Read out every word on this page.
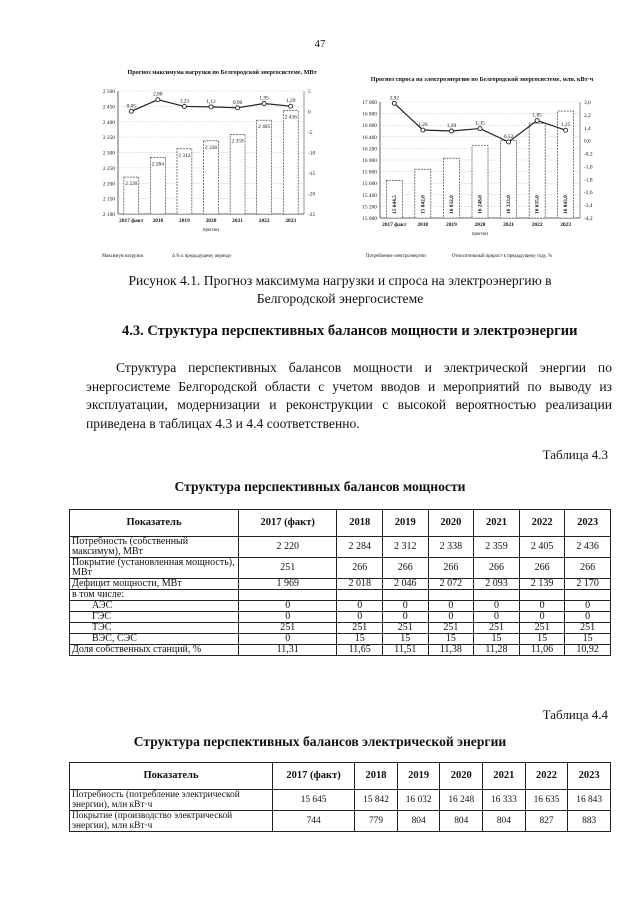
47
Прогноз максимума нагрузки по Белгородской энергосистеме, МВт
2 500
2 450
2 400
2 350
2 300
2 250
2 200
2 150
2 100
5
0
-5
-10
-15
-20
-25
2 220
2017 факт
2 284
2018
2 312
2019
2 338
2020
2 359
2021
2 405
2022
2 436
2023
прогноз
0,05
2,88
1,23	1,12	0,90
1,95	1,29
Максимум нагрузки	Δ % к предыдущему периоду
Прогноз спроса на электроэнергию по Белгородской энергосистеме, млн. кВт·ч
17 000
16 800
16 600
16 400
16 200
16 000
15 800
15 600
15 400
15 200
15 000
3,0
2,2
1,4
0,6
-0,2
-1,0
-1,8
-2,6
-3,4
-4,2
15 644,5
2017 факт
15 842,0
2018
16 032,0
2019
16 248,0
2020
16 333,0
2021
16 635,0
2022
16 843,0
2023
прогноз
2,92
1,26	1,20	1,35
0,52
1,85
1,25
Потребление электроэнергии	Относительный прирост к предыдущему году, %
Рисунок 4.1. Прогноз максимума нагрузки и спроса на электроэнергию в
Белгородской энергосистеме
4.3. Структура перспективных балансов мощности и электроэнергии
Структура перспективных балансов мощности и электрической энергии по энергосистеме Белгородской области с учетом вводов и мероприятий по выводу из эксплуатации, модернизации и реконструкции с высокой вероятностью реализации приведена в таблицах 4.3 и 4.4 соответственно.
Таблица 4.3
Структура перспективных балансов мощности
Показатель	2017 (факт)	2018	2019	2020	2021	2022	2023
Потребность (собственный максимум), МВт	2 220	2 284	2 312	2 338	2 359	2 405	2 436
Покрытие (установленная мощность), МВт	251	266	266	266	266	266	266
Дефицит мощности, МВт	1 969	2 018	2 046	2 072	2 093	2 139	2 170
в том числе:							
АЭС	0	0	0	0	0	0	0
ГЭС	0	0	0	0	0	0	0
ТЭС	251	251	251	251	251	251	251
ВЭС, СЭС	0	15	15	15	15	15	15
Доля собственных станций, %	11,31	11,65	11,51	11,38	11,28	11,06	10,92
Таблица 4.4
Структура перспективных балансов электрической энергии
Показатель	2017 (факт)	2018	2019	2020	2021	2022	2023
Потребность (потребление электрической энергии), млн кВт·ч	15 645	15 842	16 032	16 248	16 333	16 635	16 843
Покрытие (производство электрической энергии), млн кВт·ч	744	779	804	804	804	827	883
